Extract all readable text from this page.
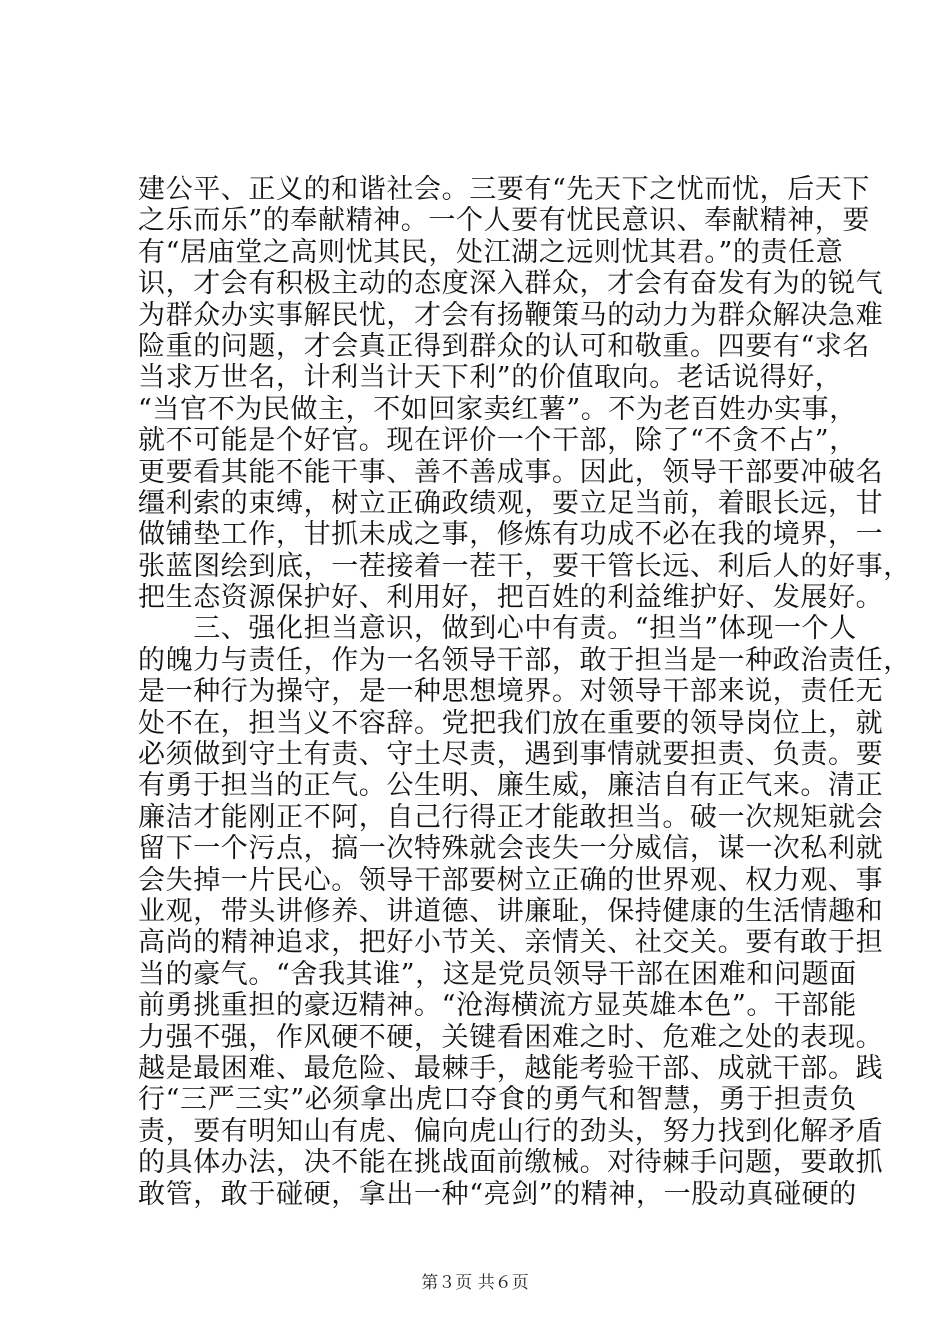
建公平、正义的和谐社会。三要有“先天下之忧而忧，后天下
之乐而乐”的奉献精神。一个人要有忧民意识、奉献精神，要
有“居庙堂之高则忧其民，处江湖之远则忧其君。”的责任意
识，才会有积极主动的态度深入群众，才会有奋发有为的锐气
为群众办实事解民忧，才会有扬鞭策马的动力为群众解决急难
险重的问题，才会真正得到群众的认可和敬重。四要有“求名
当求万世名，计利当计天下利”的价值取向。老话说得好，
“当官不为民做主，不如回家卖红薯”。不为老百姓办实事，
就不可能是个好官。现在评价一个干部，除了“不贪不占”，
更要看其能不能干事、善不善成事。因此，领导干部要冲破名
缰利索的束缚，树立正确政绩观，要立足当前，着眼长远，甘
做铺垫工作，甘抓未成之事，修炼有功成不必在我的境界，一
张蓝图绘到底，一茬接着一茬干，要干管长远、利后人的好事，
把生态资源保护好、利用好，把百姓的利益维护好、发展好。
　　三、强化担当意识，做到心中有责。“担当”体现一个人
的魄力与责任，作为一名领导干部，敢于担当是一种政治责任，
是一种行为操守，是一种思想境界。对领导干部来说，责任无
处不在，担当义不容辞。党把我们放在重要的领导岗位上，就
必须做到守土有责、守土尽责，遇到事情就要担责、负责。要
有勇于担当的正气。公生明、廉生威，廉洁自有正气来。清正
廉洁才能刚正不阿，自己行得正才能敢担当。破一次规矩就会
留下一个污点，搞一次特殊就会丧失一分威信，谋一次私利就
会失掉一片民心。领导干部要树立正确的世界观、权力观、事
业观，带头讲修养、讲道德、讲廉耻，保持健康的生活情趣和
高尚的精神追求，把好小节关、亲情关、社交关。要有敢于担
当的豪气。“舍我其谁”，这是党员领导干部在困难和问题面
前勇挑重担的豪迈精神。“沧海横流方显英雄本色”。干部能
力强不强，作风硬不硬，关键看困难之时、危难之处的表现。
越是最困难、最危险、最棘手，越能考验干部、成就干部。践
行“三严三实”必须拿出虎口夺食的勇气和智慧，勇于担责负
责，要有明知山有虎、偏向虎山行的劲头，努力找到化解矛盾
的具体办法，决不能在挑战面前缴械。对待棘手问题，要敢抓
敢管，敢于碰硬，拿出一种“亮剑”的精神，一股动真碰硬的
第３页 共６页
